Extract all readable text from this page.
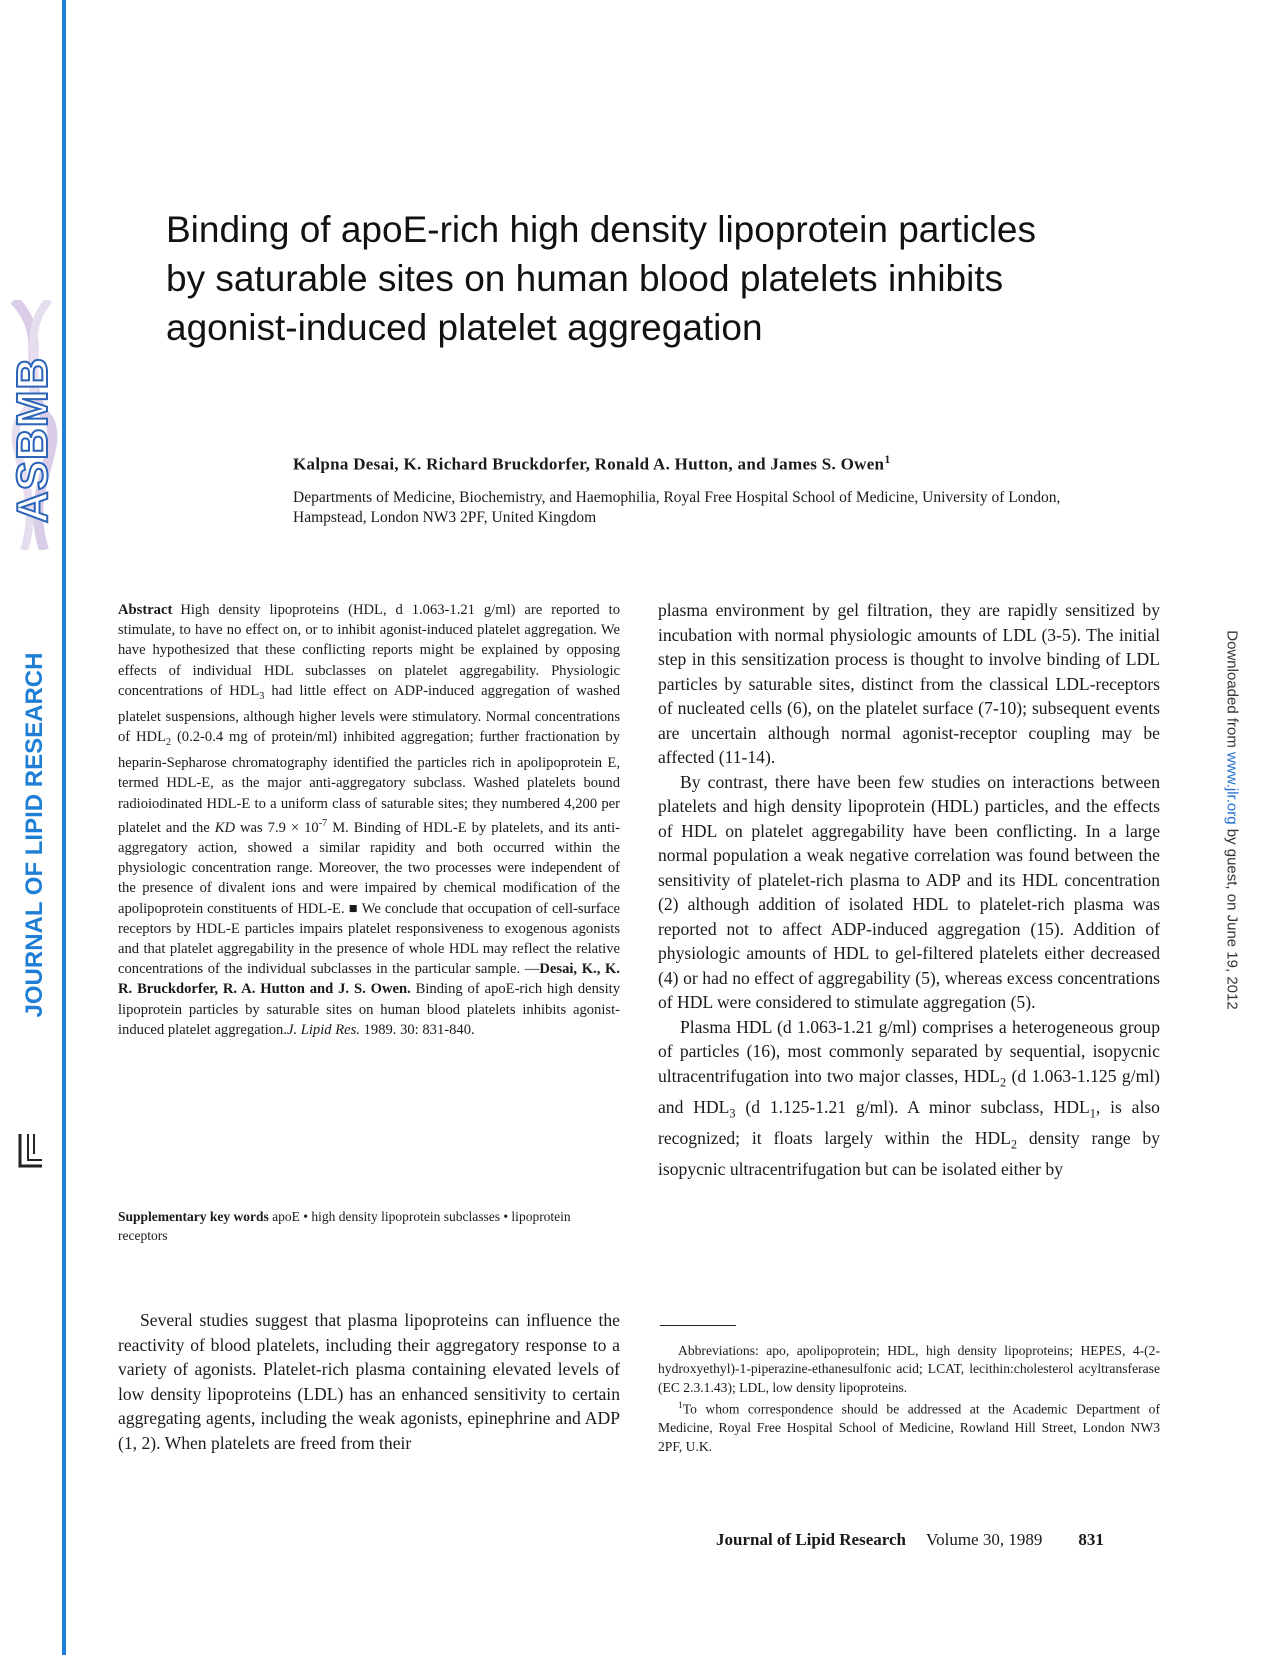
ASBMB
JOURNAL OF LIPID RESEARCH	Downloaded from www.jlr.org by guest, on June 19, 2012
Binding of apoE-rich high density lipoprotein particles by saturable sites on human blood platelets inhibits agonist-induced platelet aggregation
Kalpna Desai, K. Richard Bruckdorfer, Ronald A. Hutton, and James S. Owen$^1$
Departments of Medicine, Biochemistry, and Haemophilia, Royal Free Hospital School of Medicine, University of London, Hampstead, London NW3 2PF, United Kingdom
Abstract High density lipoproteins (HDL, d 1.063-1.21 g/ml) are reported to stimulate, to have no effect on, or to inhibit agonist-induced platelet aggregation. We have hypothesized that these conflicting reports might be explained by opposing effects of individual HDL subclasses on platelet aggregability. Physiologic concentrations of $HDL_3$ had little effect on ADP-induced aggregation of washed platelet suspensions, although higher levels were stimulatory. Normal concentrations of $HDL_2$ (0.2-0.4 mg of protein/ml) inhibited aggregation; further fractionation by heparin-Sepharose chromatography identified the particles rich in apolipoprotein E, termed HDL-E, as the major anti-aggregatory subclass. Washed platelets bound radioiodinated HDL-E to a uniform class of saturable sites; they numbered 4,200 per platelet and the KD was $7.9 \times 10^{-7}$ M. Binding of HDL-E by platelets, and its anti-aggregatory action, showed a similar rapidity and both occurred within the physiologic concentration range. Moreover, the two processes were independent of the presence of divalent ions and were impaired by chemical modification of the apolipoprotein constituents of HDL-E. ■ We conclude that occupation of cell-surface receptors by HDL-E particles impairs platelet responsiveness to exogenous agonists and that platelet aggregability in the presence of whole HDL may reflect the relative concentrations of the individual subclasses in the particular sample. —Desai, K., K. R. Bruckdorfer, R. A. Hutton and J. S. Owen. Binding of apoE-rich high density lipoprotein particles by saturable sites on human blood platelets inhibits agonist-induced platelet aggregation.J. Lipid Res. 1989. 30: 831-840.
Supplementary key words apoE • high density lipoprotein subclasses • lipoprotein receptors

Several studies suggest that plasma lipoproteins can influence the reactivity of blood platelets, including their aggregatory response to a variety of agonists. Platelet-rich plasma containing elevated levels of low density lipoproteins (LDL) has an enhanced sensitivity to certain aggregating agents, including the weak agonists, epinephrine and ADP (1, 2). When platelets are freed from their

plasma environment by gel filtration, they are rapidly sensitized by incubation with normal physiologic amounts of LDL (3-5). The initial step in this sensitization process is thought to involve binding of LDL particles by saturable sites, distinct from the classical LDL-receptors of nucleated cells (6), on the platelet surface (7-10); subsequent events are uncertain although normal agonist-receptor coupling may be affected (11-14).

By contrast, there have been few studies on interactions between platelets and high density lipoprotein (HDL) particles, and the effects of HDL on platelet aggregability have been conflicting. In a large normal population a weak negative correlation was found between the sensitivity of platelet-rich plasma to ADP and its HDL concentration (2) although addition of isolated HDL to platelet-rich plasma was reported not to affect ADP-induced aggregation (15). Addition of physiologic amounts of HDL to gel-filtered platelets either decreased (4) or had no effect of aggregability (5), whereas excess concentrations of HDL were considered to stimulate aggregation (5).

Plasma HDL (d 1.063-1.21 g/ml) comprises a heterogeneous group of particles (16), most commonly separated by sequential, isopycnic ultracentrifugation into two major classes, $HDL_2$ (d 1.063-1.125 g/ml) and $HDL_3$ (d 1.125-1.21 g/ml). A minor subclass, $HDL_1$, is also recognized; it floats largely within the $HDL_2$ density range by isopycnic ultracentrifugation but can be isolated either by

Abbreviations: apo, apolipoprotein; HDL, high density lipoproteins; HEPES, 4-(2-hydroxyethyl)-1-piperazine-ethanesulfonic acid; LCAT, lecithin:cholesterol acyltransferase (EC 2.3.1.43); LDL, low density lipoproteins.

$^1$To whom correspondence should be addressed at the Academic Department of Medicine, Royal Free Hospital School of Medicine, Rowland Hill Street, London NW3 2PF, U.K.

Journal of Lipid Research Volume 30, 1989 831
